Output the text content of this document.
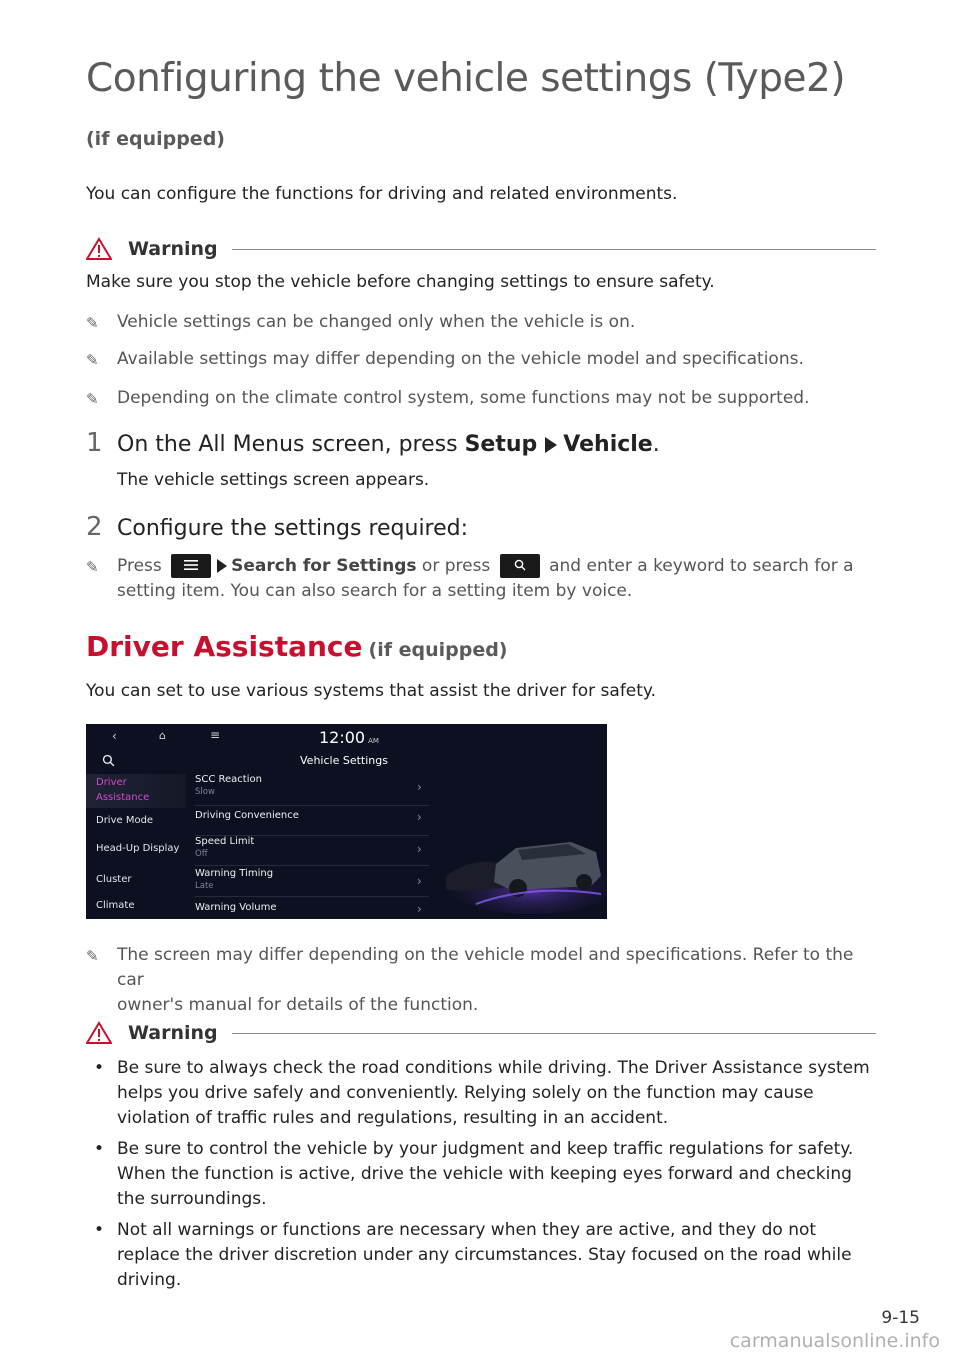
Configuring the vehicle settings (Type2)
(if equipped)
You can configure the functions for driving and related environments.
Warning
Make sure you stop the vehicle before changing settings to ensure safety.
✎	Vehicle settings can be changed only when the vehicle is on.
✎	Available settings may differ depending on the vehicle model and specifications.
✎	Depending on the climate control system, some functions may not be supported.
1 On the All Menus screen, press Setup Vehicle.
The vehicle settings screen appears.
2 Configure the settings required:
✎	Press	Search for Settings or press	and enter a keyword to search for a
setting item. You can also search for a setting item by voice.
Driver Assistance (if equipped)
You can set to use various systems that assist the driver for safety.
‹	⌂	≡	12:00 AM
Vehicle Settings
Driver
Assistance
Drive Mode
Head-Up Display
Cluster
Climate
SCC Reaction
Slow	›
Driving Convenience	›
Speed Limit
Off	›
Warning Timing
Late	›
Warning Volume	›
✎	The screen may differ depending on the vehicle model and specifications. Refer to the car
owner's manual for details of the function.
Warning
• Be sure to always check the road conditions while driving. The Driver Assistance system helps you drive safely and conveniently. Relying solely on the function may cause violation of traffic rules and regulations, resulting in an accident.
• Be sure to control the vehicle by your judgment and keep traffic regulations for safety. When the function is active, drive the vehicle with keeping eyes forward and checking the surroundings.
• Not all warnings or functions are necessary when they are active, and they do not replace the driver discretion under any circumstances. Stay focused on the road while driving.
9-15
carmanualsonline.info
